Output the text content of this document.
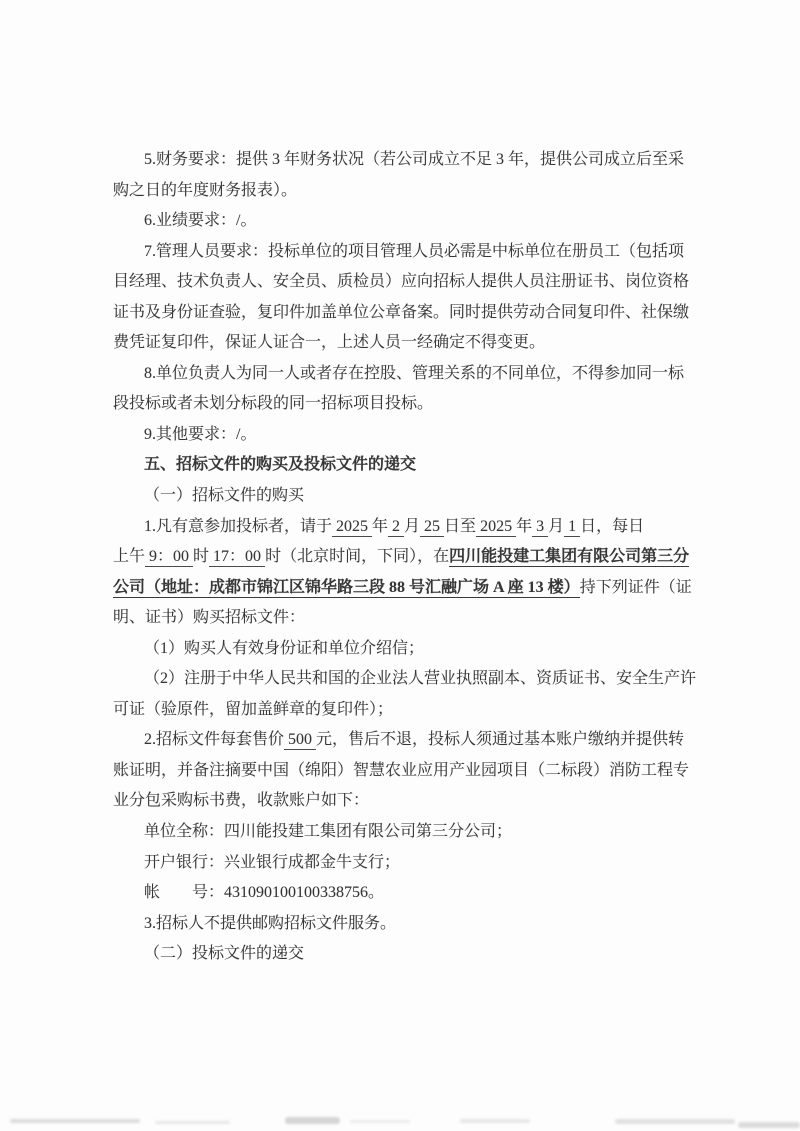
5.财务要求：提供 3 年财务状况（若公司成立不足 3 年，提供公司成立后至采
购之日的年度财务报表）。
6.业绩要求：/。
7.管理人员要求：投标单位的项目管理人员必需是中标单位在册员工（包括项
目经理、技术负责人、安全员、质检员）应向招标人提供人员注册证书、岗位资格
证书及身份证查验，复印件加盖单位公章备案。同时提供劳动合同复印件、社保缴
费凭证复印件，保证人证合一，上述人员一经确定不得变更。
8.单位负责人为同一人或者存在控股、管理关系的不同单位，不得参加同一标
段投标或者未划分标段的同一招标项目投标。
9.其他要求：/。
五、招标文件的购买及投标文件的递交
（一）招标文件的购买
1.凡有意参加投标者，请于 2025 年 2 月 25 日至 2025 年 3 月 1 日，每日
上午 9：00 时 17：00 时（北京时间，下同），在四川能投建工集团有限公司第三分
公司（地址：成都市锦江区锦华路三段 88 号汇融广场 A 座 13 楼）持下列证件（证
明、证书）购买招标文件：
（1）购买人有效身份证和单位介绍信；
（2）注册于中华人民共和国的企业法人营业执照副本、资质证书、安全生产许
可证（验原件，留加盖鲜章的复印件）；
2.招标文件每套售价 500 元，售后不退，投标人须通过基本账户缴纳并提供转
账证明，并备注摘要中国（绵阳）智慧农业应用产业园项目（二标段）消防工程专
业分包采购标书费，收款账户如下：
单位全称：四川能投建工集团有限公司第三分公司；
开户银行：兴业银行成都金牛支行；
帐　　号：431090100100338756。
3.招标人不提供邮购招标文件服务。
（二）投标文件的递交
